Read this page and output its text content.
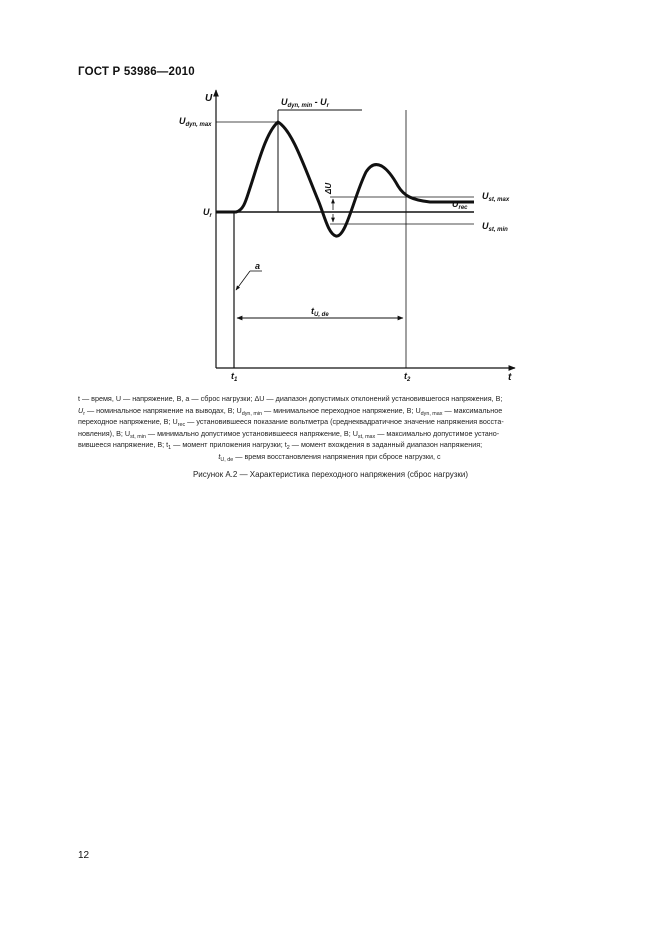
ГОСТ Р 53986—2010
U
t
$U_{dyn, max}$
$U_r$
$U_{dyn, min} - U_r$
ΔU
$U_{st, max}$
$U_{rec}$
$U_{st, min}$
a
$t_{U, de}$
$t_1$	$t_2$
t — время, U — напряжение, В, a — сброс нагрузки; ΔU — диапазон допустимых отклонений установившегося напряжения, В;
$U_r$ — номинальное напряжение на выводах, В; $U_{dyn, min}$ — минимальное переходное напряжение, В; $U_{dyn, max}$ — максимальное
переходное напряжение, В; $U_{rec}$ — установившееся показание вольтметра (среднеквадратичное значение напряжения восста-
новления), В; $U_{st, min}$ — минимально допустимое установившееся напряжение, В; $U_{st, max}$ — максимально допустимое устано-
вившееся напряжение, В; $t_1$ — момент приложения нагрузки; $t_2$ — момент вхождения в заданный диапазон напряжения;
$t_{U, de}$ — время восстановления напряжения при сбросе нагрузки, с
Рисунок А.2 — Характеристика переходного напряжения (сброс нагрузки)
12
